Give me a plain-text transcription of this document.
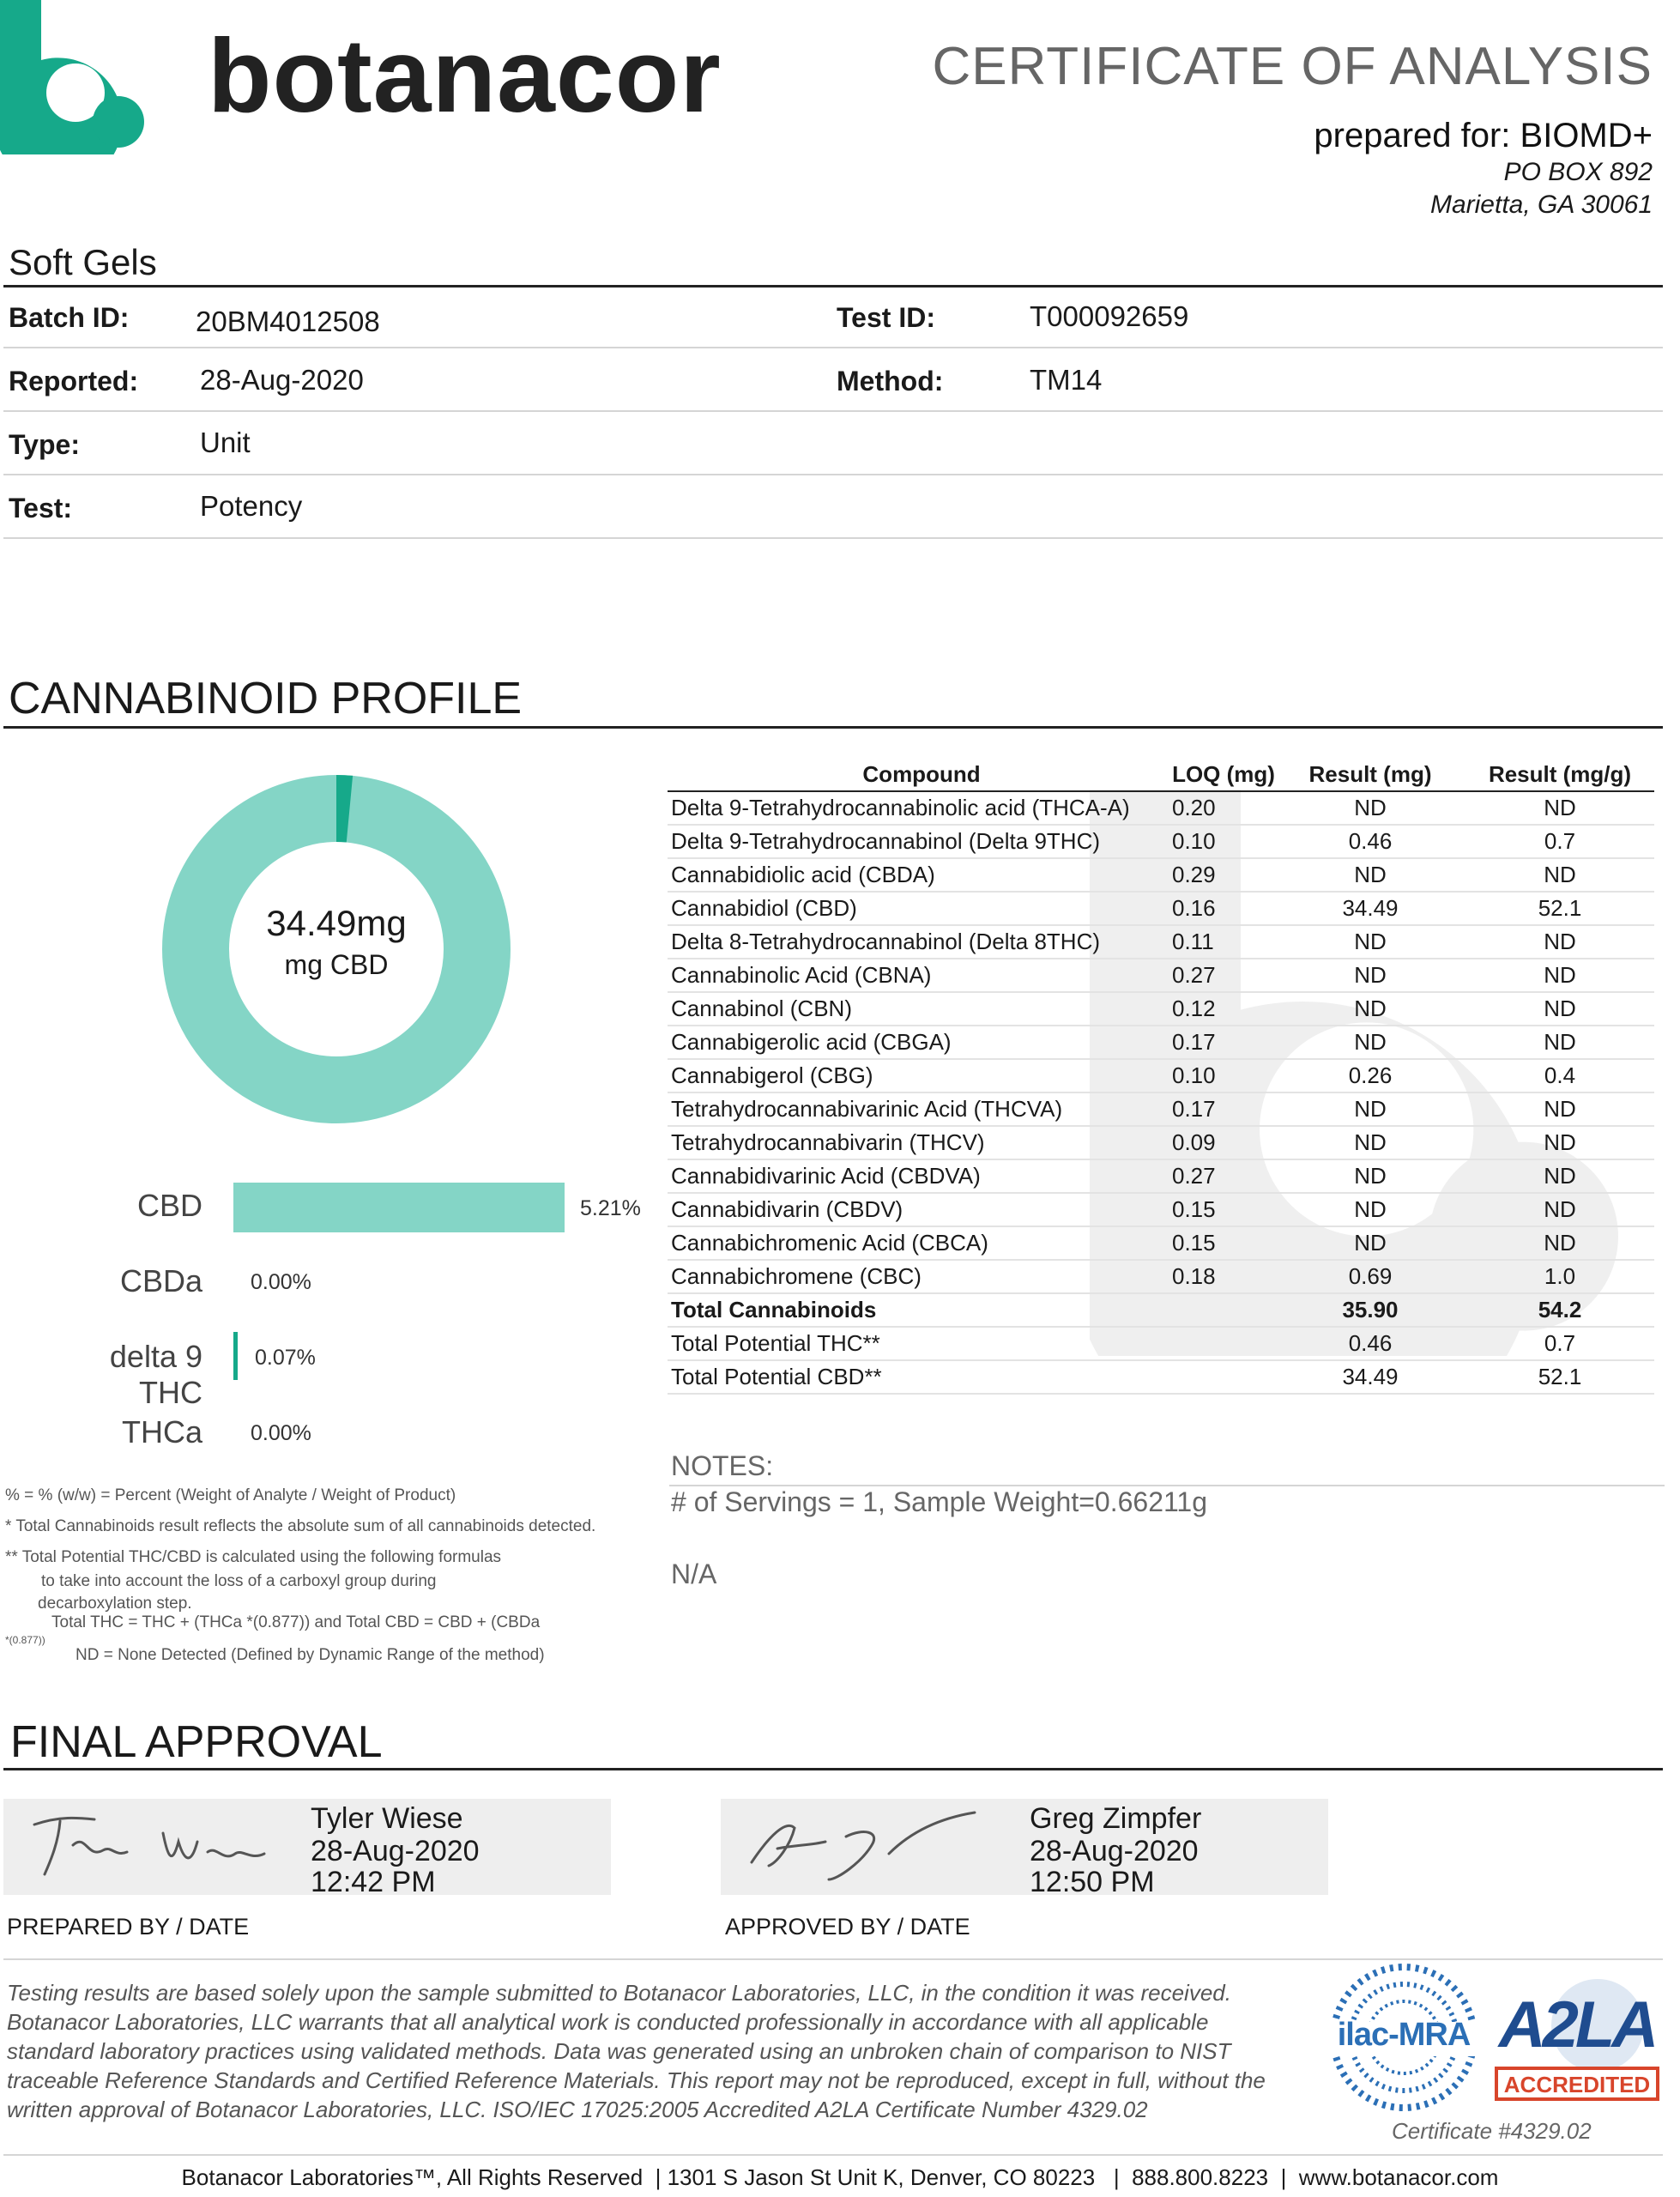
botanacor	CERTIFICATE OF ANALYSIS
prepared for: BIOMD+
PO BOX 892
Marietta, GA 30061
Soft Gels
Batch ID: 20BM4012508	Test ID:	T000092659
Reported: 28-Aug-2020	Method:	TM14
Type:	Unit
Test:	Potency
CANNABINOID PROFILE
34.49mg
mg CBD
CBD	5.21%
CBDa 0.00%
delta 9 THC
0.07%
THCa 0.00%
% = % (w/w) = Percent (Weight of Analyte / Weight of Product)
* Total Cannabinoids result reflects the absolute sum of all cannabinoids detected.
** Total Potential THC/CBD is calculated using the following formulas
to take into account the loss of a carboxyl group during
decarboxylation step.
Total THC = THC + (THCa *(0.877)) and Total CBD = CBD + (CBDa
*(0.877))
ND = None Detected (Defined by Dynamic Range of the method)
Compound	LOQ (mg)	Result (mg)	Result (mg/g)
Delta 9-Tetrahydrocannabinolic acid (THCA-A)	0.20	ND	ND
Delta 9-Tetrahydrocannabinol (Delta 9THC)	0.10	0.46	0.7
Cannabidiolic acid (CBDA)	0.29	ND	ND
Cannabidiol (CBD)	0.16	34.49	52.1
Delta 8-Tetrahydrocannabinol (Delta 8THC)	0.11	ND	ND
Cannabinolic Acid (CBNA)	0.27	ND	ND
Cannabinol (CBN)	0.12	ND	ND
Cannabigerolic acid (CBGA)	0.17	ND	ND
Cannabigerol (CBG)	0.10	0.26	0.4
Tetrahydrocannabivarinic Acid (THCVA)	0.17	ND	ND
Tetrahydrocannabivarin (THCV)	0.09	ND	ND
Cannabidivarinic Acid (CBDVA)	0.27	ND	ND
Cannabidivarin (CBDV)	0.15	ND	ND
Cannabichromenic Acid (CBCA)	0.15	ND	ND
Cannabichromene (CBC)	0.18	0.69	1.0
Total Cannabinoids		35.90	54.2
Total Potential THC**		0.46	0.7
Total Potential CBD**		34.49	52.1
NOTES:
# of Servings = 1, Sample Weight=0.66211g
N/A
FINAL APPROVAL
Tyler Wiese
28-Aug-2020
12:42 PM
PREPARED BY / DATE
Greg Zimpfer
28-Aug-2020
12:50 PM
APPROVED BY / DATE
Testing results are based solely upon the sample submitted to Botanacor Laboratories, LLC, in the condition it was received.
Botanacor Laboratories, LLC warrants that all analytical work is conducted professionally in accordance with all applicable
standard laboratory practices using validated methods. Data was generated using an unbroken chain of comparison to NIST
traceable Reference Standards and Certified Reference Materials. This report may not be reproduced, except in full, without the
written approval of Botanacor Laboratories, LLC. ISO/IEC 17025:2005 Accredited A2LA Certificate Number 4329.02
ilac-MRA A2LA
ACCREDITED
Certificate #4329.02
Botanacor Laboratories™, All Rights Reserved  | 1301 S Jason St Unit K, Denver, CO 80223   |  888.800.8223  |  www.botanacor.com
